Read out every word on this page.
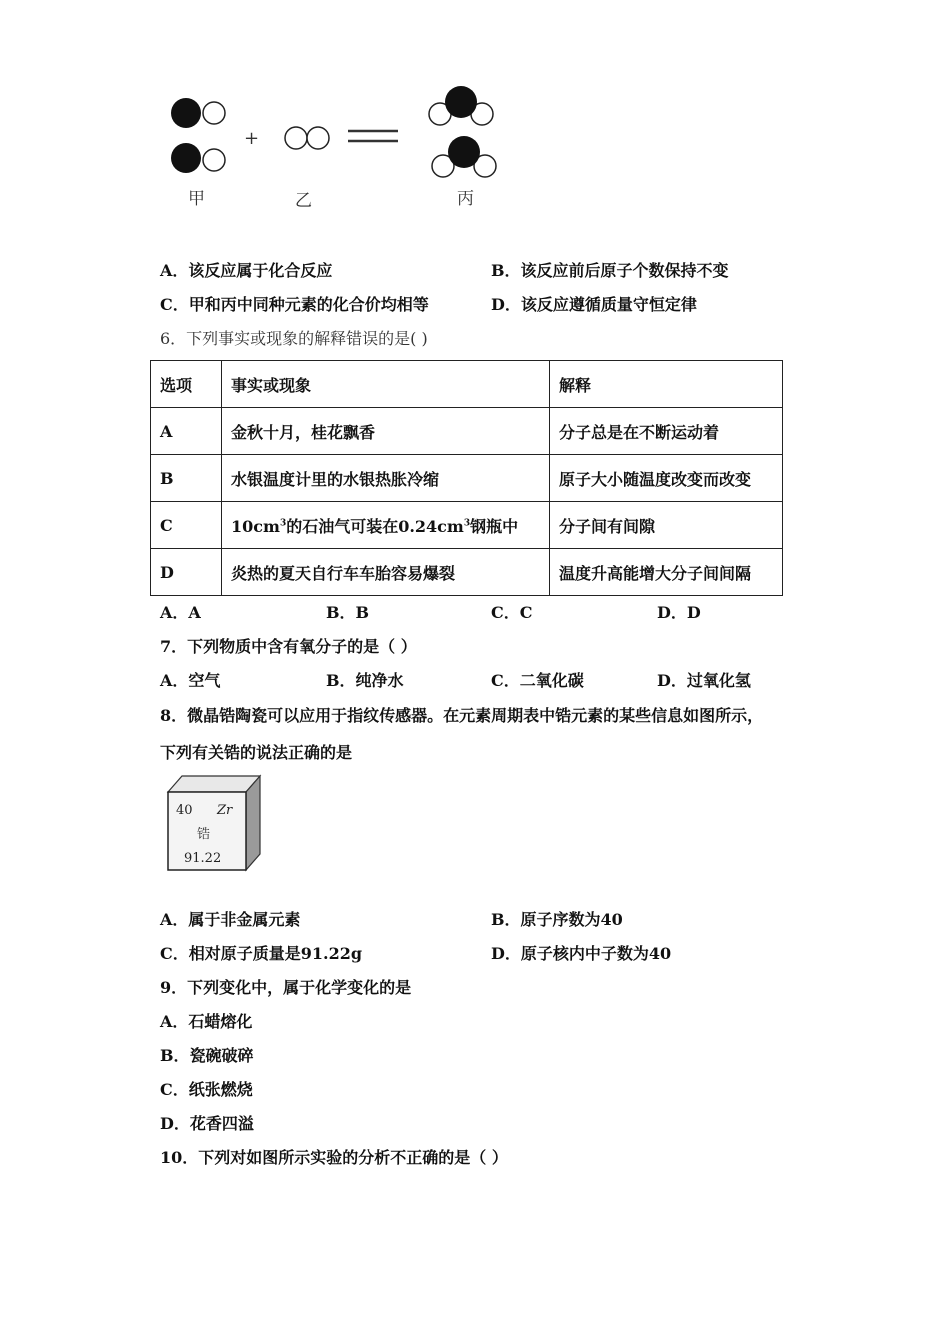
+
甲	乙	丙
A．该反应属于化合反应	B．该反应前后原子个数保持不变
C．甲和丙中同种元素的化合价均相等	D．该反应遵循质量守恒定律
6．下列事实或现象的解释错误的是( )
选项	事实或现象	解释
A	金秋十月，桂花飘香	分子总是在不断运动着
B	水银温度计里的水银热胀冷缩	原子大小随温度改变而改变
C	$10cm^3$的石油气可装在$0.24cm^3$钢瓶中	分子间有间隙
D	炎热的夏天自行车车胎容易爆裂	温度升高能增大分子间间隔
A．A	B．B	C．C	D．D
7．下列物质中含有氧分子的是（ ）
A．空气	B．纯净水	C．二氧化碳	D．过氧化氢
8．微晶锆陶瓷可以应用于指纹传感器。在元素周期表中锆元素的某些信息如图所示，
下列有关锆的说法正确的是
40 Zr
锆
91.22
A．属于非金属元素	B．原子序数为40
C．相对原子质量是91.22g	D．原子核内中子数为40
9．下列变化中，属于化学变化的是
A．石蜡熔化
B．瓷碗破碎
C．纸张燃烧
D．花香四溢
10．下列对如图所示实验的分析不正确的是（ ）
